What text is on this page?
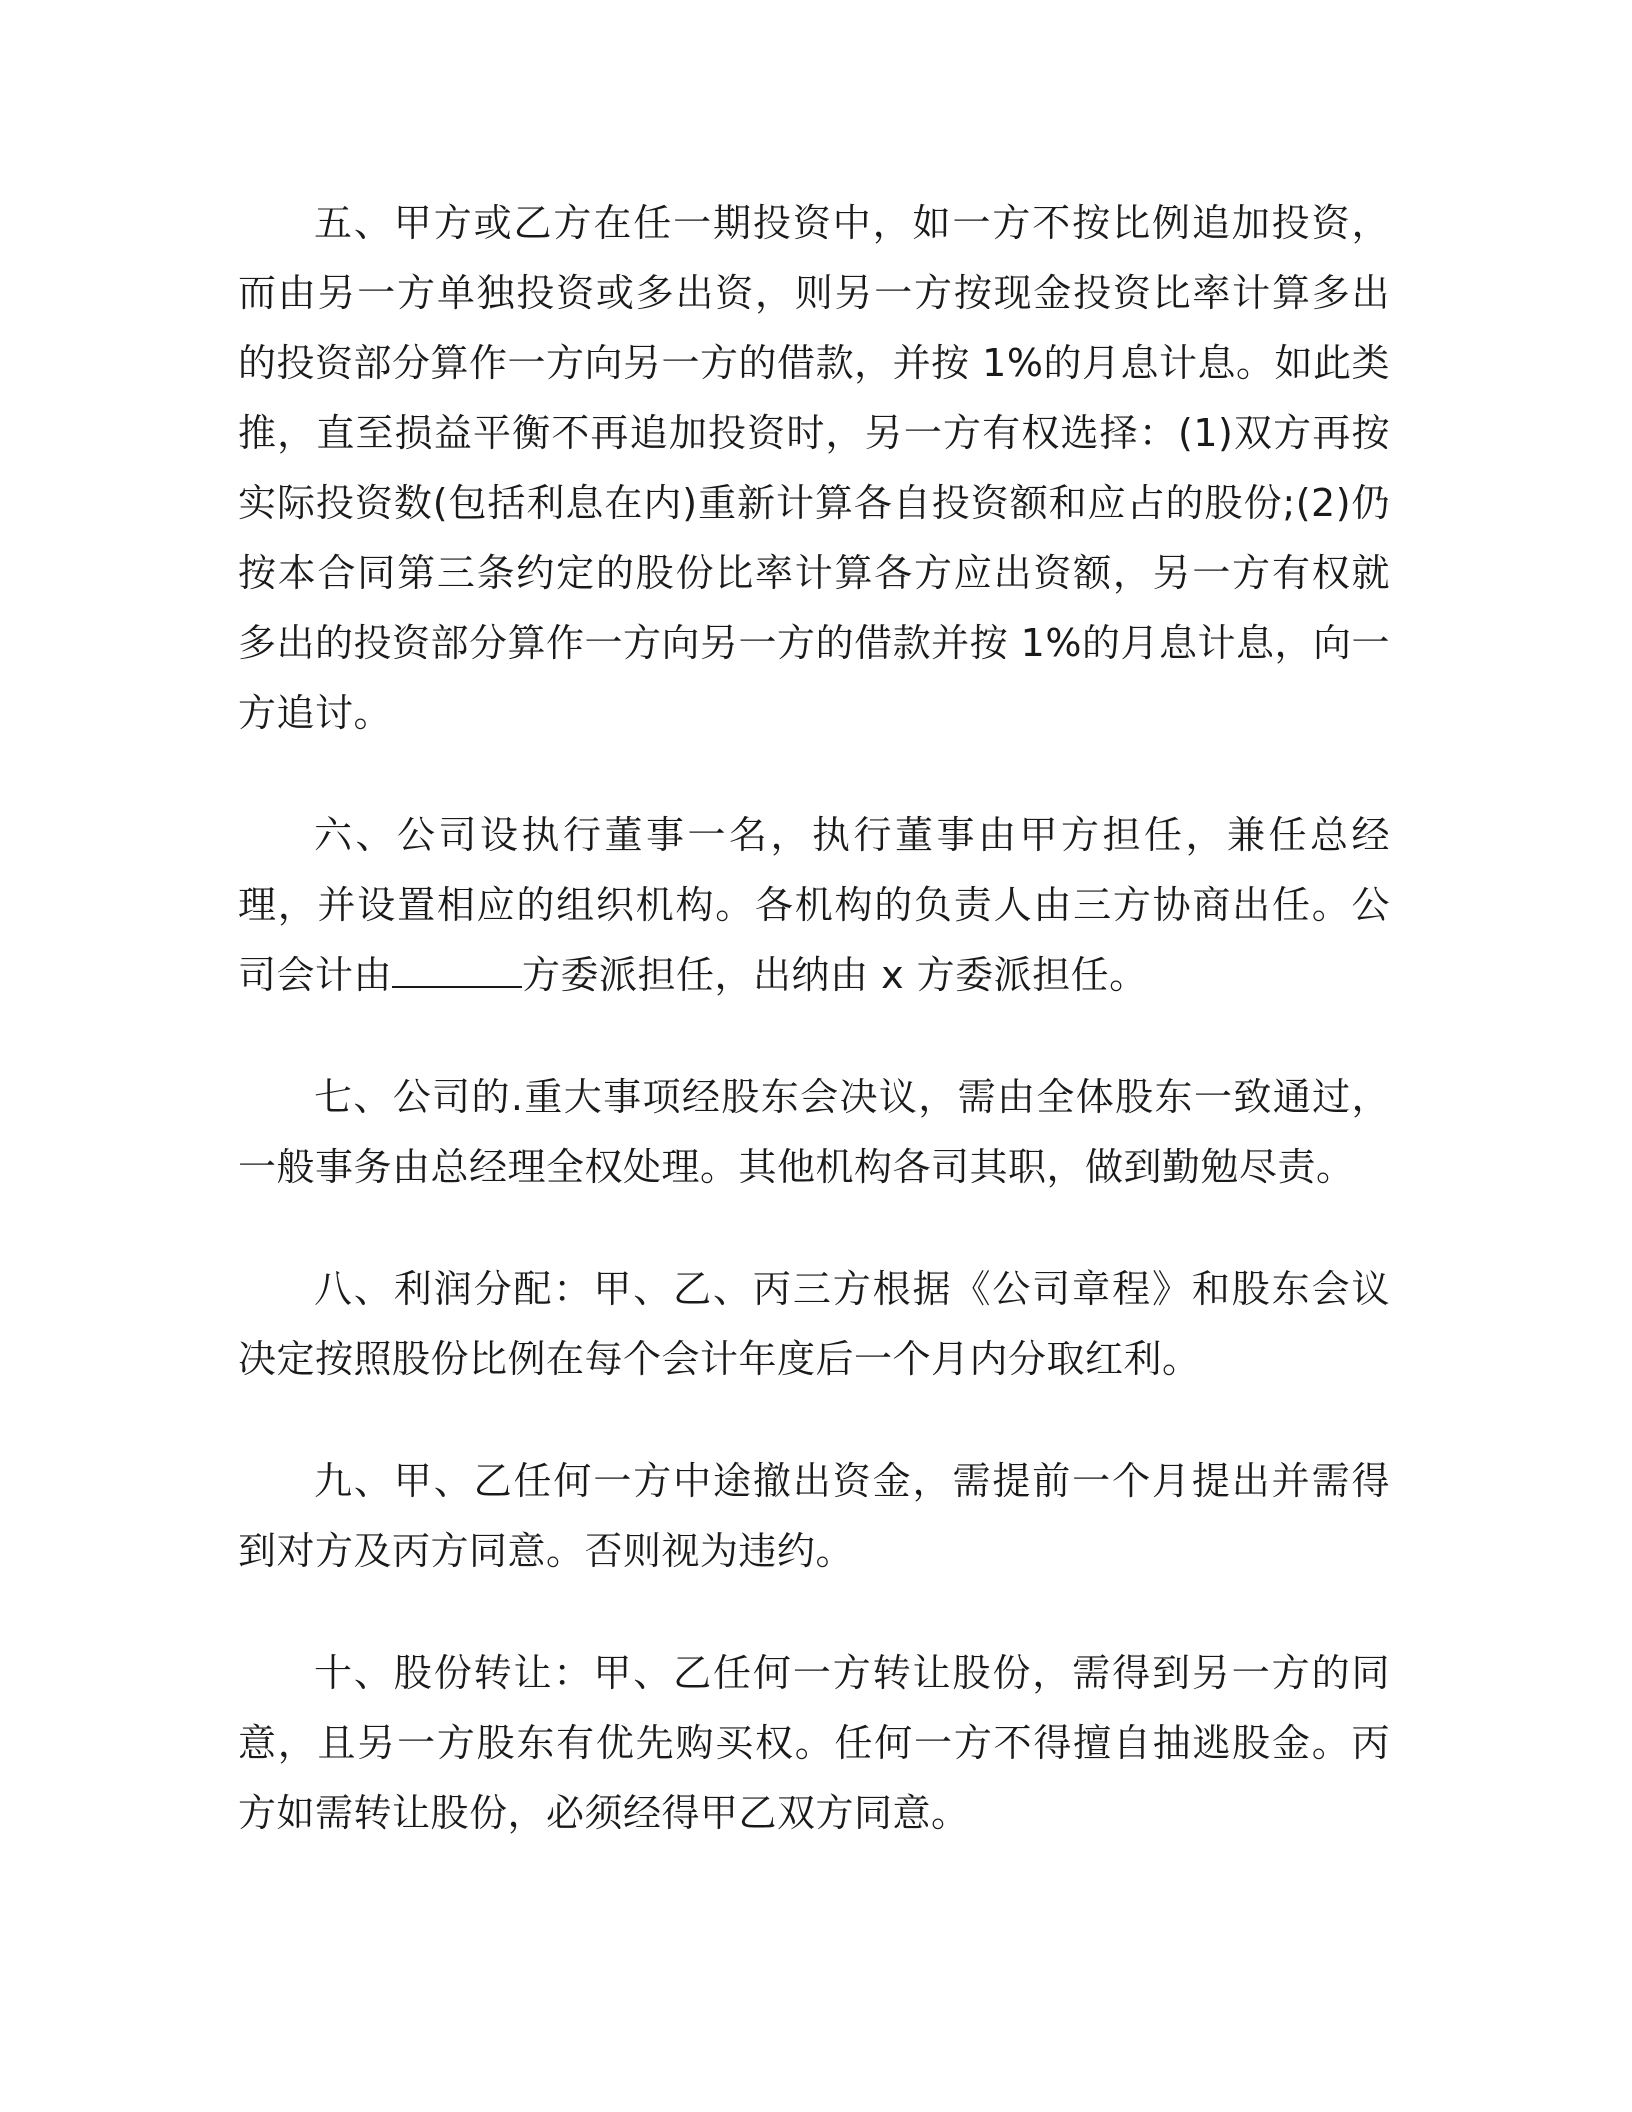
五、甲方或乙方在任一期投资中，如一方不按比例追加投资，而由另一方单独投资或多出资，则另一方按现金投资比率计算多出的投资部分算作一方向另一方的借款，并按 1%的月息计息。如此类推，直至损益平衡不再追加投资时，另一方有权选择：(1)双方再按实际投资数(包括利息在内)重新计算各自投资额和应占的股份;(2)仍按本合同第三条约定的股份比率计算各方应出资额，另一方有权就多出的投资部分算作一方向另一方的借款并按 1%的月息计息，向一方追讨。

六、公司设执行董事一名，执行董事由甲方担任，兼任总经理，并设置相应的组织机构。各机构的负责人由三方协商出任。公司会计由	方委派担任，出纳由 x 方委派担任。

七、公司的.重大事项经股东会决议，需由全体股东一致通过，一般事务由总经理全权处理。其他机构各司其职，做到勤勉尽责。

八、利润分配：甲、乙、丙三方根据《公司章程》和股东会议决定按照股份比例在每个会计年度后一个月内分取红利。

九、甲、乙任何一方中途撤出资金，需提前一个月提出并需得到对方及丙方同意。否则视为违约。

十、股份转让：甲、乙任何一方转让股份，需得到另一方的同意，且另一方股东有优先购买权。任何一方不得擅自抽逃股金。丙方如需转让股份，必须经得甲乙双方同意。
